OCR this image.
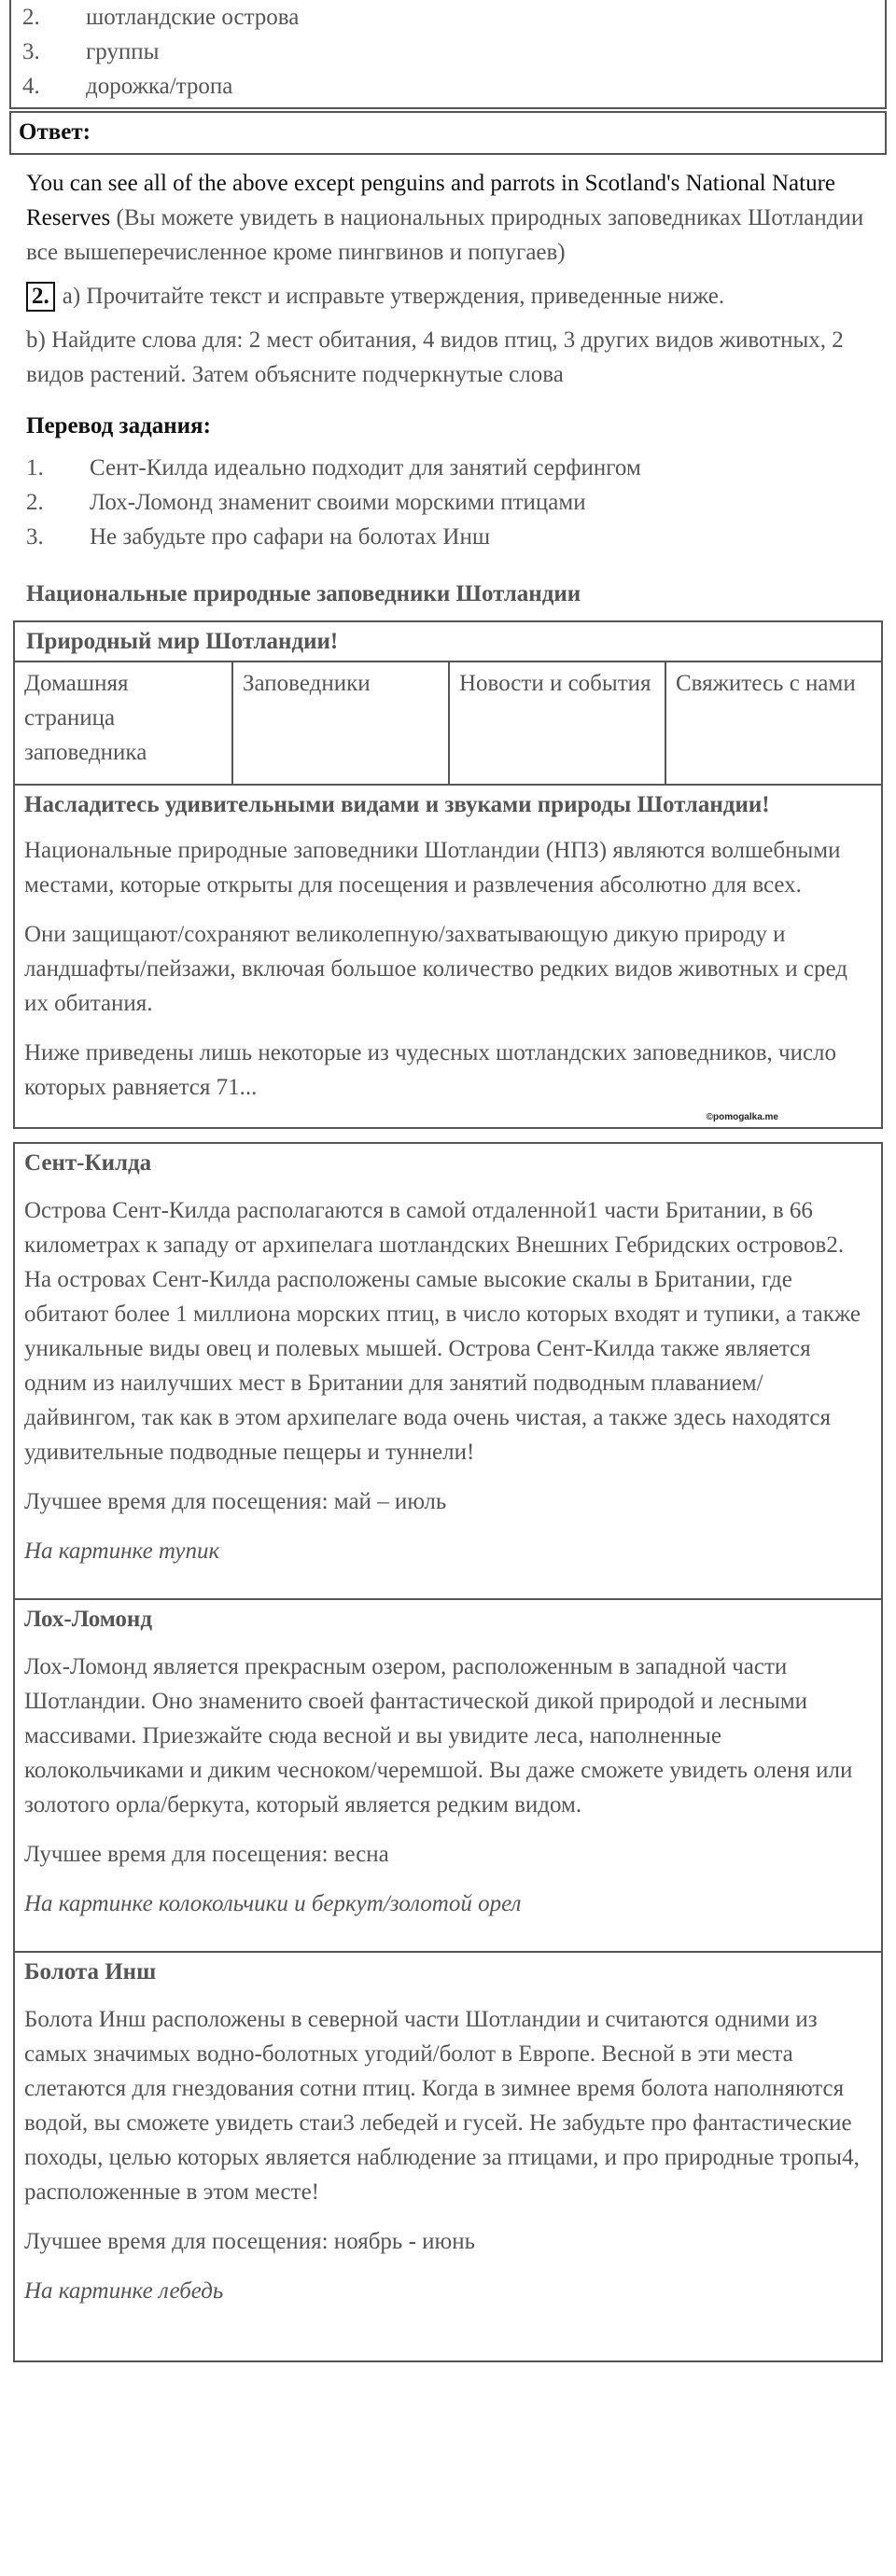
2.	шотландские острова
3.	группы
4.	дорожка/тропа
Ответ:

You can see all of the above except penguins and parrots in Scotland's National Nature Reserves (Вы можете увидеть в национальных природных заповедниках Шотландии все вышеперечисленное кроме пингвинов и попугаев)

2. a) Прочитайте текст и исправьте утверждения, приведенные ниже.

b) Найдите слова для: 2 мест обитания, 4 видов птиц, 3 других видов животных, 2 видов растений. Затем объясните подчеркнутые слова

Перевод задания:

1.	Сент-Килда идеально подходит для занятий серфингом
2.	Лох-Ломонд знаменит своими морскими птицами
3.	Не забудьте про сафари на болотах Инш

Национальные природные заповедники Шотландии

Природный мир Шотландии!
Домашняя страница заповедника
Заповедники	Новости и события	Свяжитесь с нами
Насладитесь удивительными видами и звуками природы Шотландии!

Национальные природные заповедники Шотландии (НПЗ) являются волшебными местами, которые открыты для посещения и развлечения абсолютно для всех.

Они защищают/сохраняют великолепную/захватывающую дикую природу и ландшафты/пейзажи, включая большое количество редких видов животных и сред их обитания.

Ниже приведены лишь некоторые из чудесных шотландских заповедников, число которых равняется 71...

©pomogalka.me
Сент-Килда

Острова Сент-Килда располагаются в самой отдаленной1 части Британии, в 66 километрах к западу от архипелага шотландских Внешних Гебридских островов2. На островах Сент-Килда расположены самые высокие скалы в Британии, где обитают более 1 миллиона морских птиц, в число которых входят и тупики, а также уникальные виды овец и полевых мышей. Острова Сент-Килда также является одним из наилучших мест в Британии для занятий подводным плаванием/дайвингом, так как в этом архипелаге вода очень чистая, а также здесь находятся удивительные подводные пещеры и туннели!

Лучшее время для посещения: май – июль

На картинке тупик

Лох-Ломонд

Лох-Ломонд является прекрасным озером, расположенным в западной части Шотландии. Оно знаменито своей фантастической дикой природой и лесными массивами. Приезжайте сюда весной и вы увидите леса, наполненные колокольчиками и диким чесноком/черемшой. Вы даже сможете увидеть оленя или золотого орла/беркута, который является редким видом.

Лучшее время для посещения: весна

На картинке колокольчики и беркут/золотой орел

Болота Инш

Болота Инш расположены в северной части Шотландии и считаются одними из самых значимых водно-болотных угодий/болот в Европе. Весной в эти места слетаются для гнездования сотни птиц. Когда в зимнее время болота наполняются водой, вы сможете увидеть стаи3 лебедей и гусей. Не забудьте про фантастические походы, целью которых является наблюдение за птицами, и про природные тропы4, расположенные в этом месте!

Лучшее время для посещения: ноябрь - июнь

На картинке лебедь
